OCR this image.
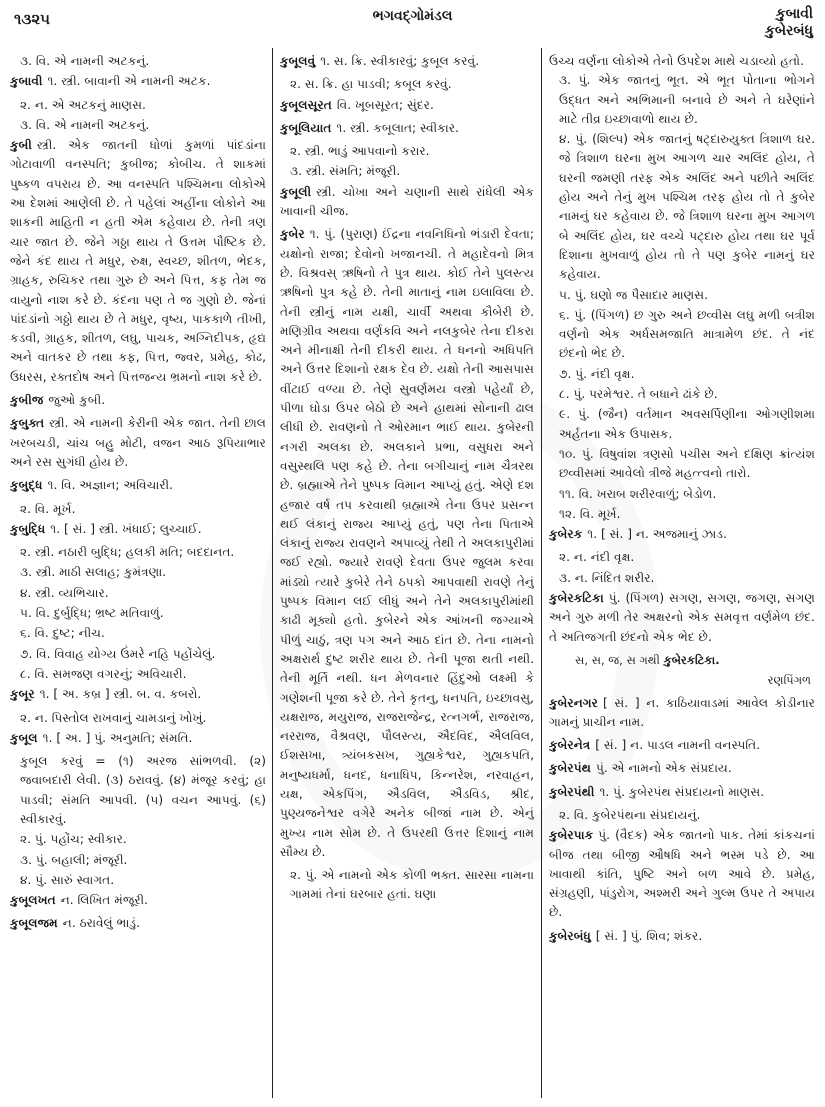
૧૩૨૫	ભગવદ્ગોમંડલ	કુબાવી
કુબેરબંધુ
૩. વિ. એ નામની અટકનું.
કુબાવી ૧. સ્ત્રી. બાવાની એ નામની અટક.
૨. ન. એ અટકનું માણસ.
૩. વિ. એ નામની અટકનું.
કુબી સ્ત્રી. એક જાતની ધોળાં કુમળાં પાંદડાંના ગોટાવાળી વનસ્પતિ; કુબીજ; કોબીચ. તે શાકમાં પુષ્કળ વપરાય છે. આ વનસ્પતિ પશ્ચિમના લોકોએ આ દેશમાં આણેલી છે. તે પહેલાં અહીંના લોકોને આ શાકની માહિતી ન હતી એમ કહેવાય છે. તેની ત્રણ ચાર જાત છે. જેને ગઠ્ઠા થાય તે ઉત્તમ પૌષ્ટિક છે. જેને કંદ થાય તે મધુર, રુક્ષ, સ્વચ્છ, શીતળ, ભેદક, ગ્રાહક, રુચિકર તથા ગુરુ છે અને પિત્ત, કફ તેમ જ વાયુનો નાશ કરે છે. કંદના પણ તે જ ગુણો છે. જેનાં પાંદડાંનો ગઠ્ઠો થાય છે તે મધુર, વૃષ્ય, પાકકાળે તીખી, કડવી, ગ્રાહક, શીતળ, લઘુ, પાચક, અગ્નિદીપક, હૃદ્ય અને વાતકર છે તથા કફ, પિત્ત, જ્વર, પ્રમેહ, કોઢ, ઉધરસ, રક્તદોષ અને પિત્તજન્ય ભ્રમનો નાશ કરે છે.
કુબીજ જુઓ કુબી.
કુબુક્ત સ્ત્રી. એ નામની કેરીની એક જાત. તેની છાલ ખરબચડી, ચાંચ બહુ મોટી, વજન આઠ રૂપિયાભાર અને રસ સુગંધી હોય છે.
કુબુદ્ધ ૧. વિ. અજ્ઞાન; અવિચારી.
૨. વિ. મૂર્ખ.
કુબુદ્ધિ ૧. [ સં. ] સ્ત્રી. ખંધાઈ; લુચ્ચાઈ.
૨. સ્ત્રી. નઠારી બુદ્ધિ; હલકી મતિ; બદદાનત.
૩. સ્ત્રી. માઠી સલાહ; કુમંત્રણા.
૪. સ્ત્રી. વ્યભિચાર.
૫. વિ. દુર્બુદ્ધિ; ભ્રષ્ટ મતિવાળું.
૬. વિ. દુષ્ટ; નીચ.
૭. વિ. વિવાહ યોગ્ય ઉંમરે નહિ પહોંચેલું.
૮. વિ. સમજણ વગરનું; અવિચારી.
કુબૂર ૧. [ અ. કબ્ર ] સ્ત્રી. બ. વ. કબરો.
૨. ન. પિસ્તોલ રાખવાનું ચામડાનું ખોખું.
કુબૂલ ૧. [ અ. ] પું. અનુમતિ; સંમતિ.
કુબૂલ કરવું = (૧) અરજ સાંભળવી. (૨) જવાબદારી લેવી. (૩) ઠરાવવું. (૪) મંજૂર કરવું; હા પાડવી; સંમતિ આપવી. (૫) વચન આપવું. (૬) સ્વીકારવું.
૨. પું. પહોંચ; સ્વીકાર.
૩. પું. બહાલી; મંજૂરી.
૪. પું. સારું સ્વાગત.
કુબૂલખત ન. લિખિત મંજૂરી.
કુબૂલજમ ન. ઠરાવેલું ભાડું.
કુબૂલવું ૧. સ. ક્રિ. સ્વીકારવું; કુબૂલ કરવું.
૨. સ. ક્રિ. હા પાડવી; કબૂલ કરવું.
કુબૂલસૂરત વિ. ખૂબસૂરત; સુંદર.
કુબૂલિયાત ૧. સ્ત્રી. કબૂલાત; સ્વીકાર.
૨. સ્ત્રી. ભાડું આપવાનો કરાર.
૩. સ્ત્રી. સંમતિ; મંજૂરી.
કુબૂલી સ્ત્રી. ચોખા અને ચણાની સાથે રાંધેલી એક ખાવાની ચીજ.
કુબેર ૧. પું. (પુરાણ) ઈંદ્રના નવનિધિનો ભંડારી દેવતા; યક્ષોનો રાજા; દેવોનો ખજાનચી. તે મહાદેવનો મિત્ર છે. વિશ્રવસ્ ઋષિનો તે પુત્ર થાય. કોઈ તેને પુલસ્ત્ય ઋષિનો પુત્ર કહે છે. તેની માતાનું નામ ઇલાવિલા છે. તેની સ્ત્રીનું નામ યક્ષી, ચાર્વી અથવા કૌબેરી છે. મણિગ્રીવ અથવા વર્ણકવિ અને નલકુબેર તેના દીકરા અને મીનાક્ષી તેની દીકરી થાય. તે ધનનો અધિપતિ અને ઉત્તર દિશાનો રક્ષક દેવ છે. યક્ષો તેની આસપાસ વીંટાઈ વળ્યા છે. તેણે સુવર્ણમય વસ્ત્રો પહેર્યાં છે, પીળા ઘોડા ઉપર બેઠો છે અને હાથમાં સોનાની ઢાલ લીધી છે. રાવણનો તે ઓરમાન ભાઈ થાય. કુબેરની નગરી અલકા છે. અલકાને પ્રભા, વસુધરા અને વસુસ્થલિ પણ કહે છે. તેના બગીચાનું નામ ચૈત્રરથ છે. બ્રહ્માએ તેને પુષ્પક વિમાન આપ્યું હતું. એણે દશ હજાર વર્ષ તપ કરવાથી બ્રહ્માએ તેના ઉપર પ્રસન્ન થઈ લંકાનું રાજ્ય આપ્યું હતું, પણ તેના પિતાએ લંકાનું રાજ્ય રાવણને અપાવ્યું તેથી તે અલકાપુરીમાં જઈ રહ્યો. જ્યારે રાવણે દેવતા ઉપર જુલમ કરવા માંડ્યો ત્યારે કુબેરે તેને ઠપકો આપવાથી રાવણે તેનું પુષ્પક વિમાન લઈ લીધું અને તેને અલકાપુરીમાંથી કાઢી મૂક્યો હતો. કુબેરને એક આંખની જગ્યાએ પીળું ચાઠું, ત્રણ પગ અને આઠ દાંત છે. તેના નામનો અક્ષરાર્થ દુષ્ટ શરીર થાય છે. તેની પૂજા થતી નથી. તેની મૂર્તિ નથી. ધન મેળવનાર હિંદુઓ લક્ષ્મી કે ગણેશની પૂજા કરે છે. તેને કૃતનુ, ધનપતિ, ઇચ્છાવસુ, યક્ષરાજ, મયુરાજ, રાજરાજેન્દ્ર, રત્નગર્ભ, રાજરાજ, નરરાજ, વૈશ્રવણ, પૌલસ્ત્ય, ઐદવિદ, ઐલવિલ, ઈશસખા, ત્ર્યંબકસખ, ગુહ્યકેશ્વર, ગુહ્યકપતિ, મનુષ્યધર્મા, ધનદ, ધનાધિપ, કિન્નરેશ, નરવાહન, યક્ષ, એકપિંગ, ઐડવિલ, ઐડવિડ, શ્રીદ, પુણ્યજનેશ્વર વગેરે અનેક બીજાં નામ છે. એનું મુખ્ય નામ સોમ છે. તે ઉપરથી ઉત્તર દિશાનું નામ સૌમ્ય છે.
૨. પું. એ નામનો એક કોળી ભક્ત. સારસા નામના ગામમાં તેનાં ઘરબાર હતાં. ઘણા
ઉચ્ચ વર્ણના લોકોએ તેનો ઉપદેશ માથે ચડાવ્યો હતો.
૩. પું. એક જાતનું ભૂત. એ ભૂત પોતાના ભોગને ઉદ્ધત અને અભિમાની બનાવે છે અને તે ઘરેણાંને માટે તીવ્ર ઇચ્છાવાળો થાય છે.
૪. પું. (શિલ્પ) એક જાતનું ષટ્દારુયુક્ત ત્રિશાળ ઘર. જે ત્રિશાળ ઘરના મુખ આગળ ચાર અલિંદ હોય, તે ઘરની જમણી તરફ એક અલિંદ અને પછીતે અલિંદ હોય અને તેનું મુખ પશ્ચિમ તરફ હોય તો તે કુબેર નામનું ઘર કહેવાય છે. જે ત્રિશાળ ઘરના મુખ આગળ બે અલિંદ હોય, ઘર વચ્ચે પટ્દારુ હોય તથા ઘર પૂર્વ દિશાના મુખવાળું હોય તો તે પણ કુબેર નામનું ઘર કહેવાય.
૫. પું. ઘણો જ પૈસાદાર માણસ.
૬. પું. (પિંગળ) છ ગુરુ અને છવ્વીસ લઘુ મળી બત્રીશ વર્ણનો એક અર્ધસમજાતિ માત્રામેળ છંદ. તે નંદ છંદનો ભેદ છે.
૭. પું. નંદી વૃક્ષ.
૮. પું. પરમેશ્વર. તે બધાને ઢાંકે છે.
૯. પું. (જૈન) વર્તમાન અવસર્પિણીના ઓગણીશમા અર્હતના એક ઉપાસક.
૧૦. પું. વિષુવાંશ ત્રણસો પચીસ અને દક્ષિણ ક્રાંત્યંશ છવ્વીસમાં આવેલો ત્રીજે મહત્ત્વનો તારો.
૧૧. વિ. ખરાબ શરીરવાળું; બેડોળ.
૧૨. વિ. મૂર્ખ.
કુબેરક ૧. [ સં. ] ન. અજમાનું ઝાડ.
૨. ન. નંદી વૃક્ષ.
૩. ન. નિંદિત શરીર.
કુબેરકટિકા પું. (પિંગળ) સગણ, સગણ, જગણ, સગણ અને ગુરુ મળી તેર અક્ષરનો એક સમવૃત્ત વર્ણમેળ છંદ. તે અતિજગતી છંદનો એક ભેદ છે.
સ, સ, જ, સ ગથી કુબેરકટિકા.
રણપિંગળ
કુબેરનગર [ સં. ] ન. કાઠિયાવાડમાં આવેલ કોડીનાર ગામનું પ્રાચીન નામ.
કુબેરનેત્ર [ સં. ] ન. પાડલ નામની વનસ્પતિ.
કુબેરપંથ પું. એ નામનો એક સંપ્રદાય.
કુબેરપંથી ૧. પું. કુબેરપંથ સંપ્રદાયનો માણસ.
૨. વિ. કુબેરપંથના સંપ્રદાયનું.
કુબેરપાક પું. (વૈદક) એક જાતનો પાક. તેમાં કાંકચનાં બીજ તથા બીજી ઔષધિ અને ભસ્મ પડે છે. આ ખાવાથી કાંતિ, પુષ્ટિ અને બળ આવે છે. પ્રમેહ, સંગ્રહણી, પાંડુરોગ, અશ્મરી અને ગુલ્મ ઉપર તે અપાય છે.
કુબેરબંધુ [ સં. ] પું. શિવ; શંકર.
